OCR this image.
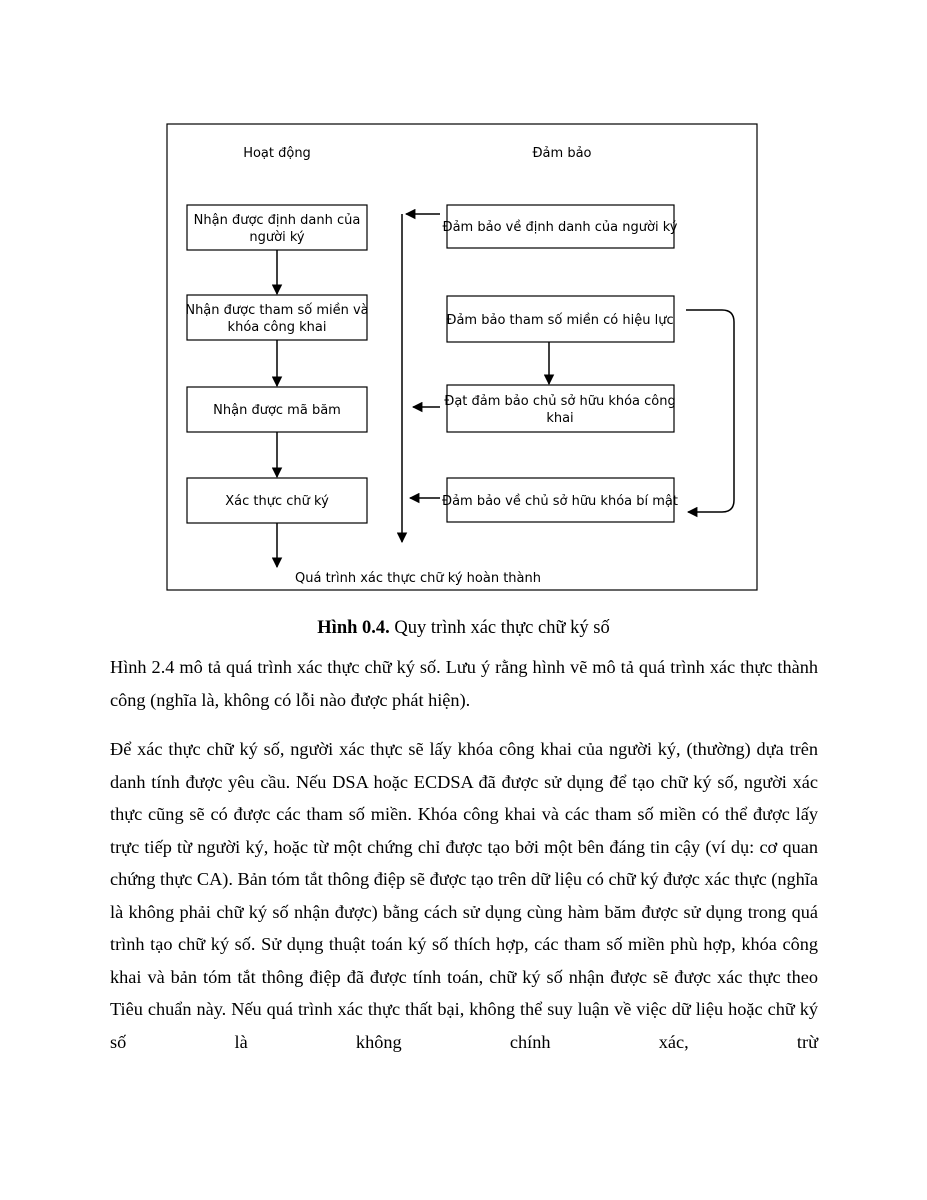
Hoạt động	Đảm bảo
Nhận được định danh của
người ký
Nhận được tham số miền và
khóa công khai
Nhận được mã băm
Xác thực chữ ký
Đảm bảo về định danh của người ký
Đảm bảo tham số miền có hiệu lực
Đạt đảm bảo chủ sở hữu khóa công
khai
Đảm bảo về chủ sở hữu khóa bí mật
Quá trình xác thực chữ ký hoàn thành
Hình 0.4. Quy trình xác thực chữ ký số

Hình 2.4 mô tả quá trình xác thực chữ ký số. Lưu ý rằng hình vẽ mô tả quá trình xác thực thành công (nghĩa là, không có lỗi nào được phát hiện).

Để xác thực chữ ký số, người xác thực sẽ lấy khóa công khai của người ký, (thường) dựa trên danh tính được yêu cầu. Nếu DSA hoặc ECDSA đã được sử dụng để tạo chữ ký số, người xác thực cũng sẽ có được các tham số miền. Khóa công khai và các tham số miền có thể được lấy trực tiếp từ người ký, hoặc từ một chứng chỉ được tạo bởi một bên đáng tin cậy (ví dụ: cơ quan chứng thực CA). Bản tóm tắt thông điệp sẽ được tạo trên dữ liệu có chữ ký được xác thực (nghĩa là không phải chữ ký số nhận được) bằng cách sử dụng cùng hàm băm được sử dụng trong quá trình tạo chữ ký số. Sử dụng thuật toán ký số thích hợp, các tham số miền phù hợp, khóa công khai và bản tóm tắt thông điệp đã được tính toán, chữ ký số nhận được sẽ được xác thực theo Tiêu chuẩn này. Nếu quá trình xác thực thất bại, không thể suy luận về việc dữ liệu hoặc chữ ký số là không chính xác, trừ
